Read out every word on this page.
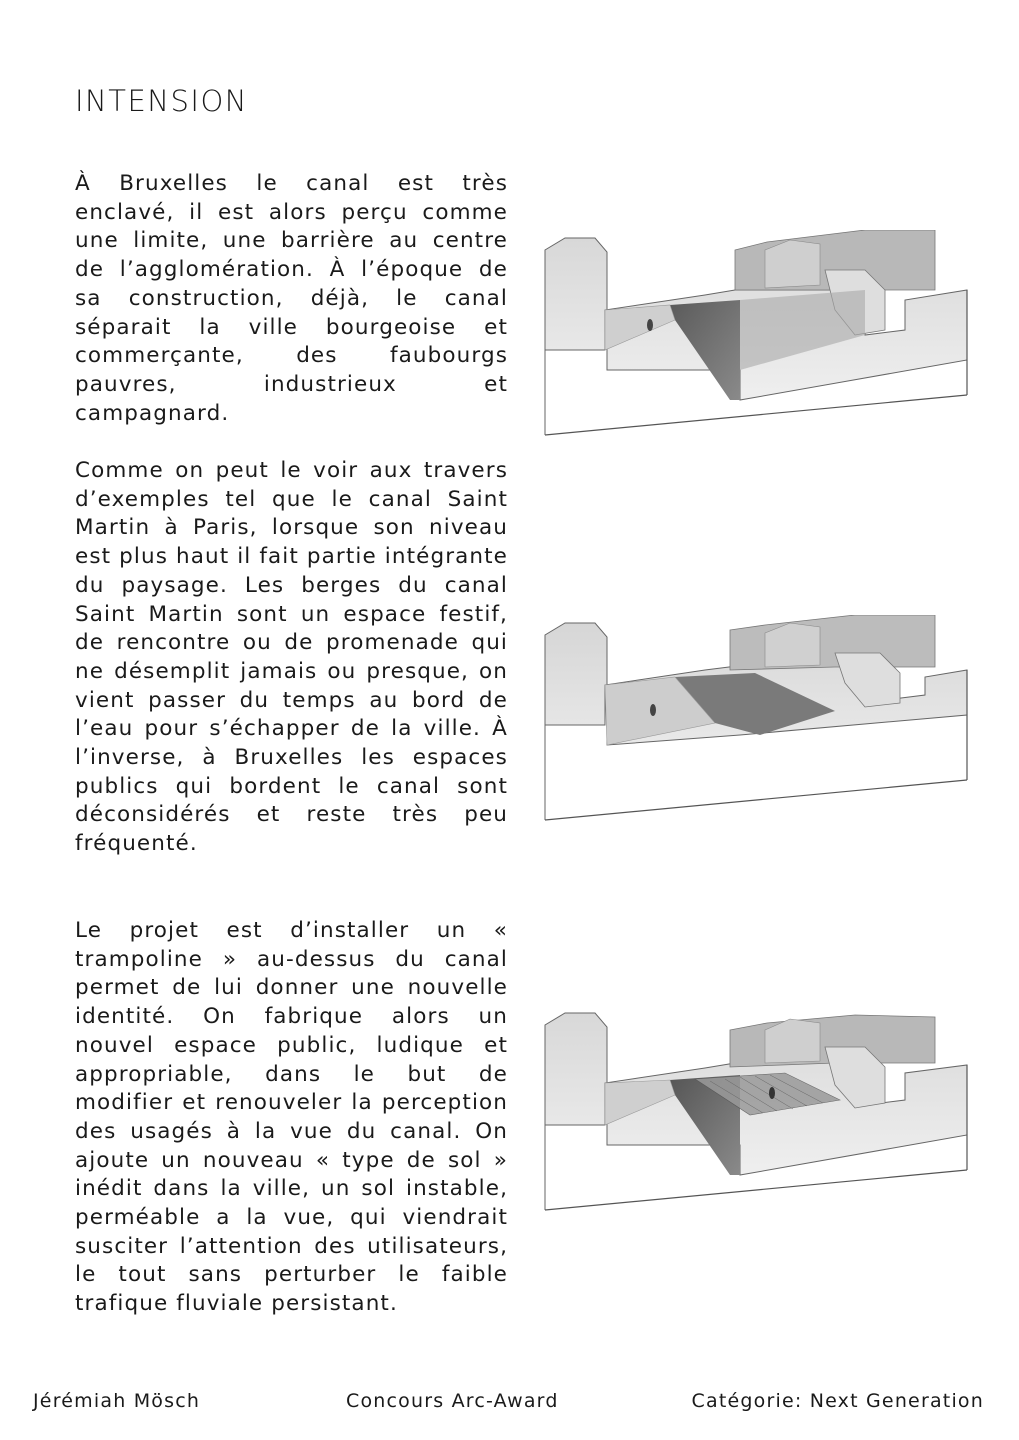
INTENSION

À Bruxelles le canal est très enclavé, il est alors perçu comme une limite, une barrière au centre de l’agglomération. À l’époque de sa construction, déjà, le canal séparait la ville bourgeoise et commerçante, des faubourgs pauvres, industrieux et campagnard.

Comme on peut le voir aux travers d’exemples tel que le canal Saint Martin à Paris, lorsque son niveau est plus haut il fait partie intégrante du paysage. Les berges du canal Saint Martin sont un espace festif, de rencontre ou de promenade qui ne désemplit jamais ou presque, on vient passer du temps au bord de l’eau pour s’échapper de la ville. À l’inverse, à Bruxelles les espaces publics qui bordent le canal sont déconsidérés et reste très peu fréquenté.

Le projet est d’installer un « trampoline » au-dessus du canal permet de lui donner une nouvelle identité. On fabrique alors un nouvel espace public, ludique et appropriable, dans le but de modifier et renouveler la perception des usagés à la vue du canal. On ajoute un nouveau « type de sol » inédit dans la ville, un sol instable, perméable a la vue, qui viendrait susciter l’attention des utilisateurs, le tout sans perturber le faible trafique fluviale persistant.

Jérémiah Mösch	Concours Arc-Award	Catégorie: Next Generation
